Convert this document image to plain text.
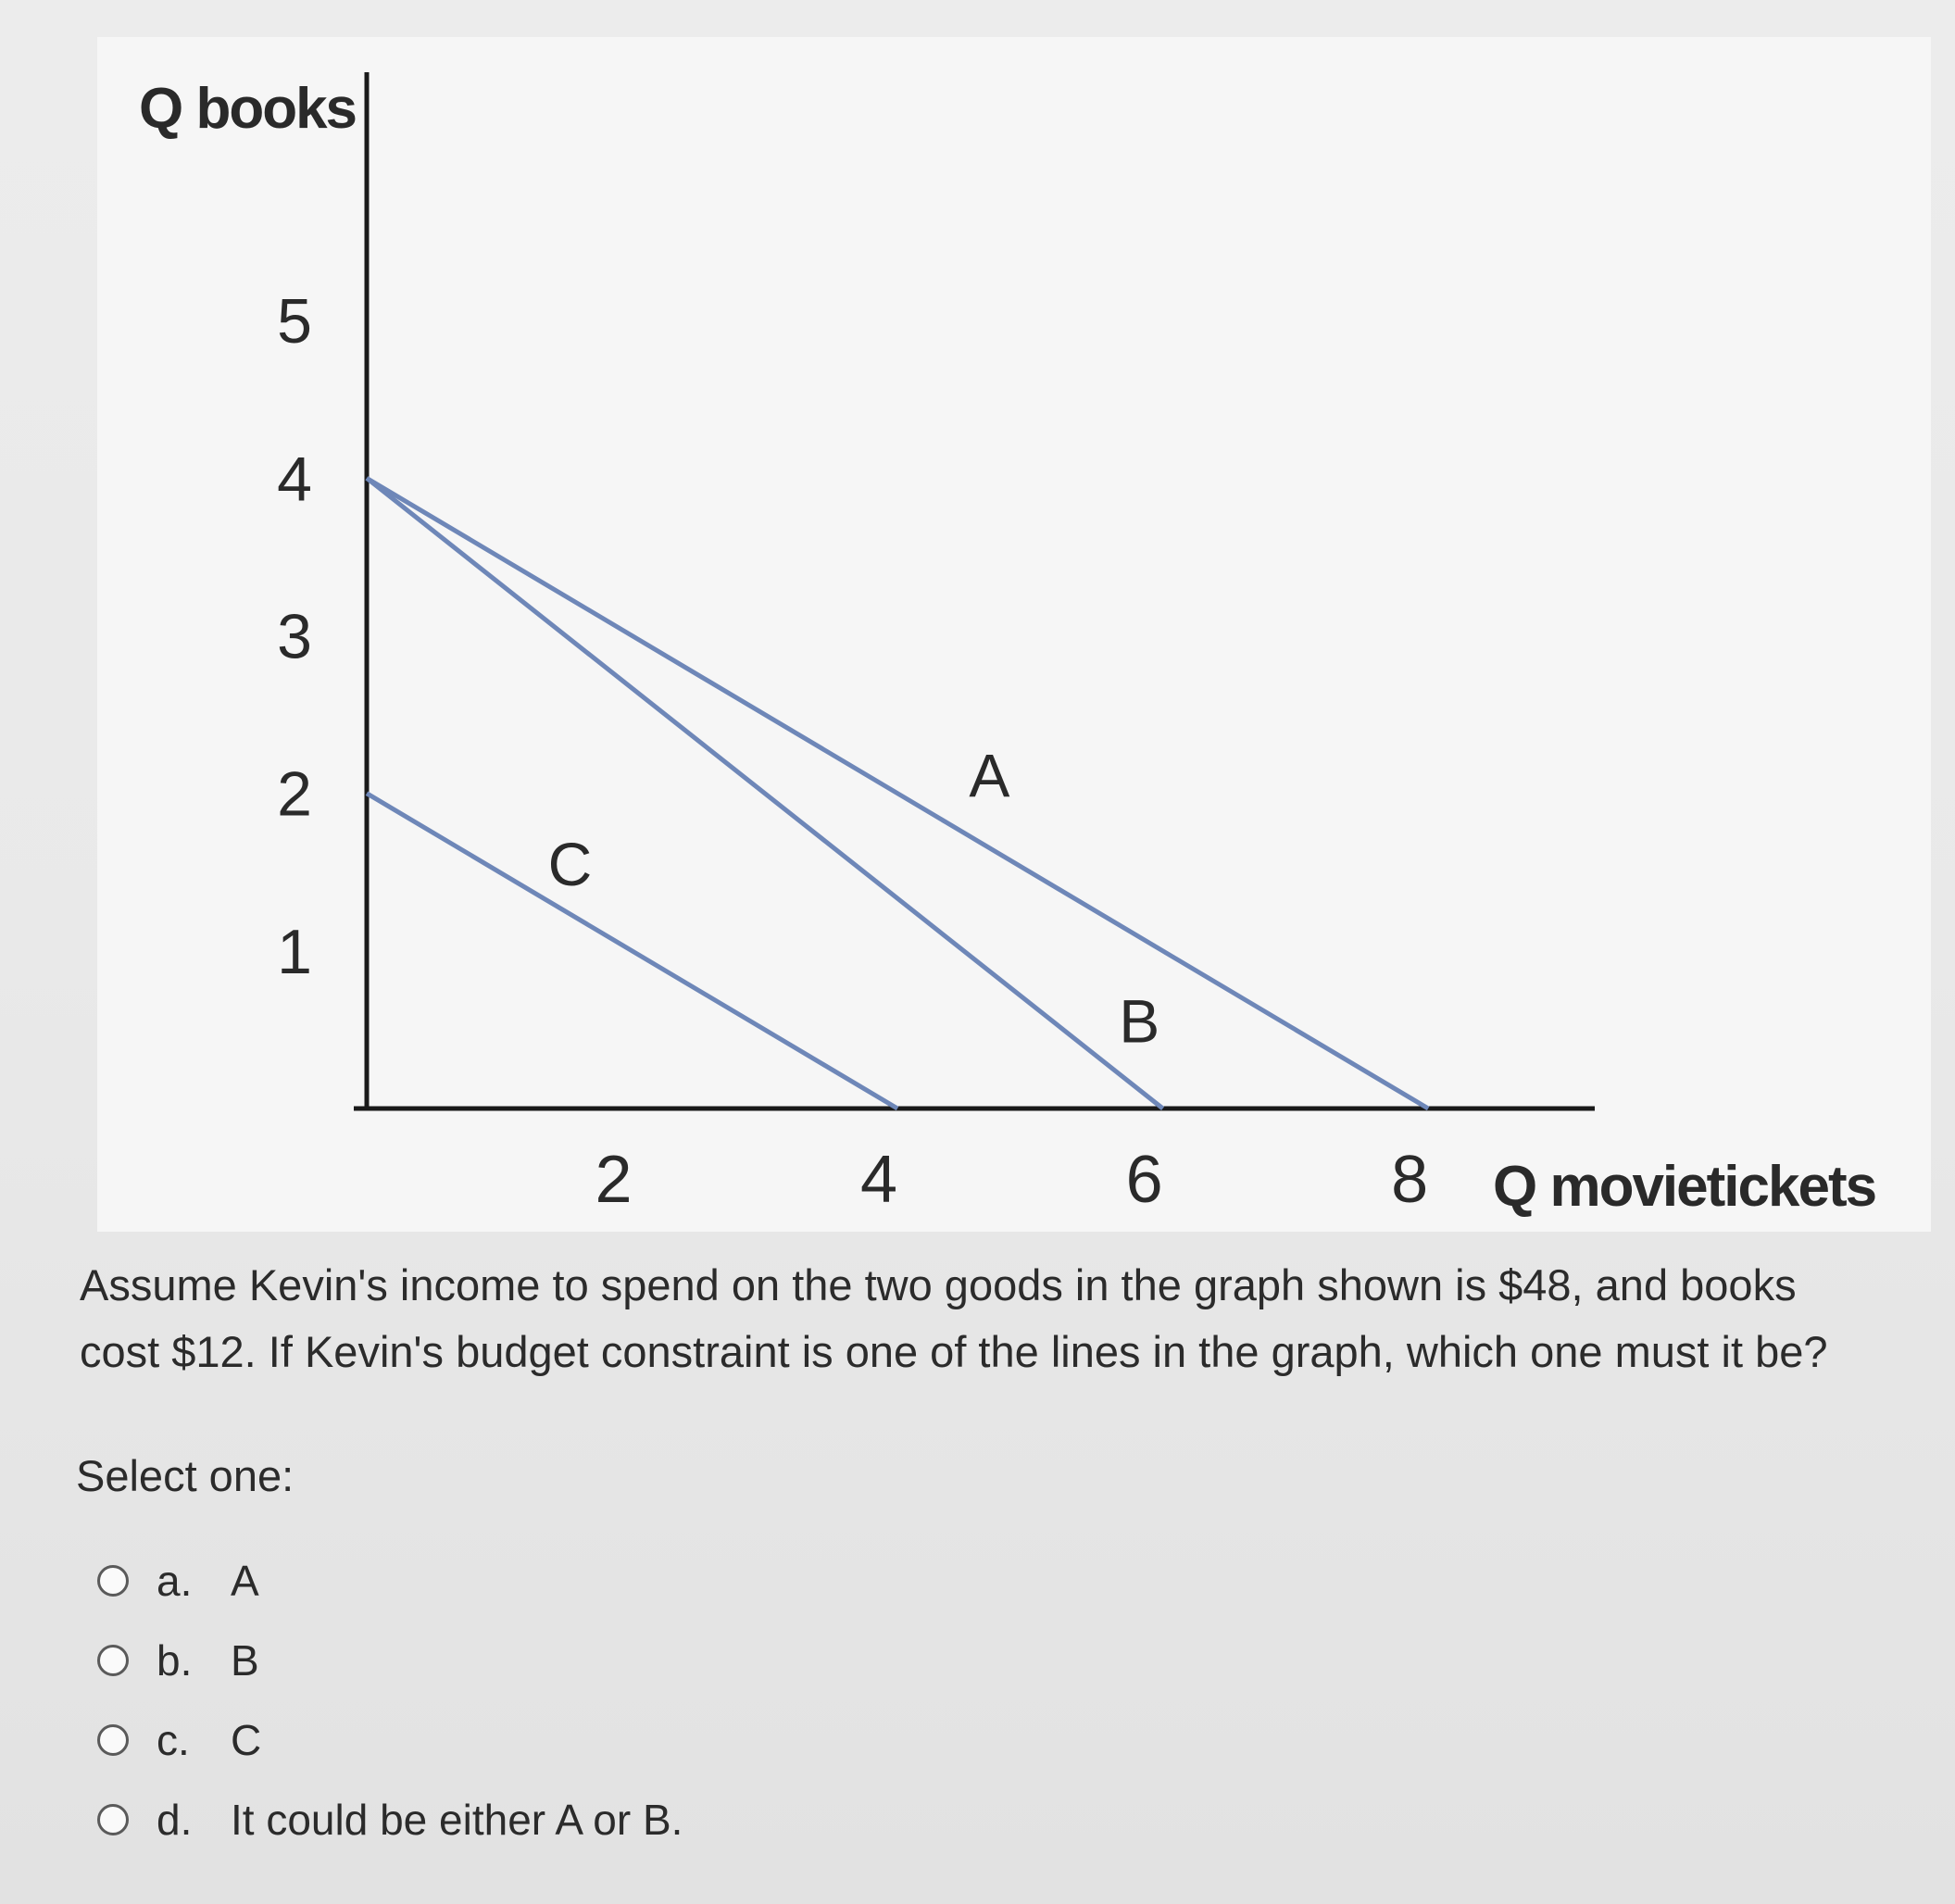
Q books
Q movietickets
A
B
C
5
4
3
2
1
2	4	6	8

Assume Kevin's income to spend on the two goods in the graph shown is $48, and books

cost $12. If Kevin's budget constraint is one of the lines in the graph, which one must it be?

Select one:
a. A
b. B
c. C
d. It could be either A or B.
